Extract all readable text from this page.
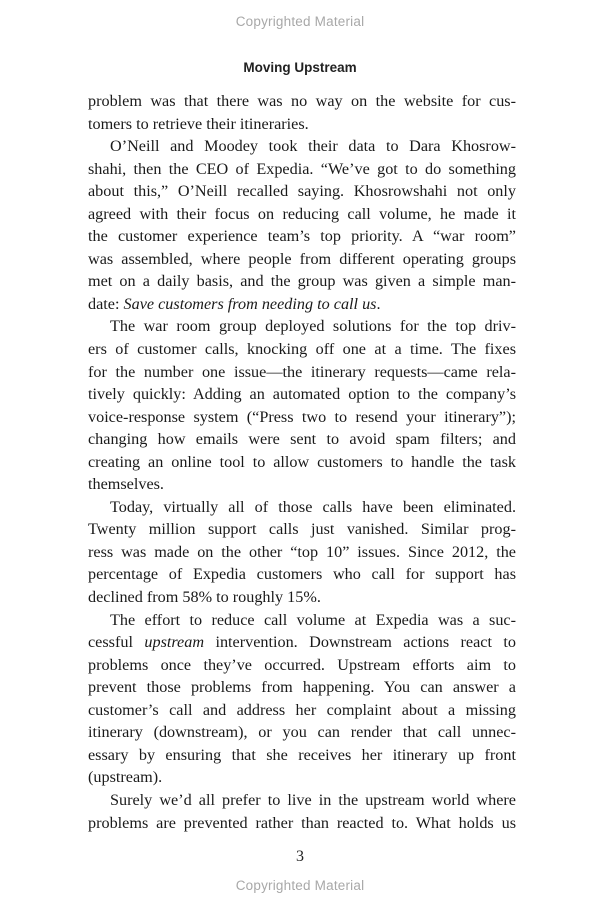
Copyrighted Material
Moving Upstream
problem was that there was no way on the website for cus-
tomers to retrieve their itineraries.
O’Neill and Moodey took their data to Dara Khosrow-
shahi, then the CEO of Expedia. “We’ve got to do something
about this,” O’Neill recalled saying. Khosrowshahi not only
agreed with their focus on reducing call volume, he made it
the customer experience team’s top priority. A “war room”
was assembled, where people from different operating groups
met on a daily basis, and the group was given a simple man-
date: Save customers from needing to call us.
The war room group deployed solutions for the top driv-
ers of customer calls, knocking off one at a time. The fixes
for the number one issue—the itinerary requests—came rela-
tively quickly: Adding an automated option to the company’s
voice-response system (“Press two to resend your itinerary”);
changing how emails were sent to avoid spam filters; and
creating an online tool to allow customers to handle the task
themselves.
Today, virtually all of those calls have been eliminated.
Twenty million support calls just vanished. Similar prog-
ress was made on the other “top 10” issues. Since 2012, the
percentage of Expedia customers who call for support has
declined from 58% to roughly 15%.
The effort to reduce call volume at Expedia was a suc-
cessful upstream intervention. Downstream actions react to
problems once they’ve occurred. Upstream efforts aim to
prevent those problems from happening. You can answer a
customer’s call and address her complaint about a missing
itinerary (downstream), or you can render that call unnec-
essary by ensuring that she receives her itinerary up front
(upstream).
Surely we’d all prefer to live in the upstream world where
problems are prevented rather than reacted to. What holds us
3
Copyrighted Material
